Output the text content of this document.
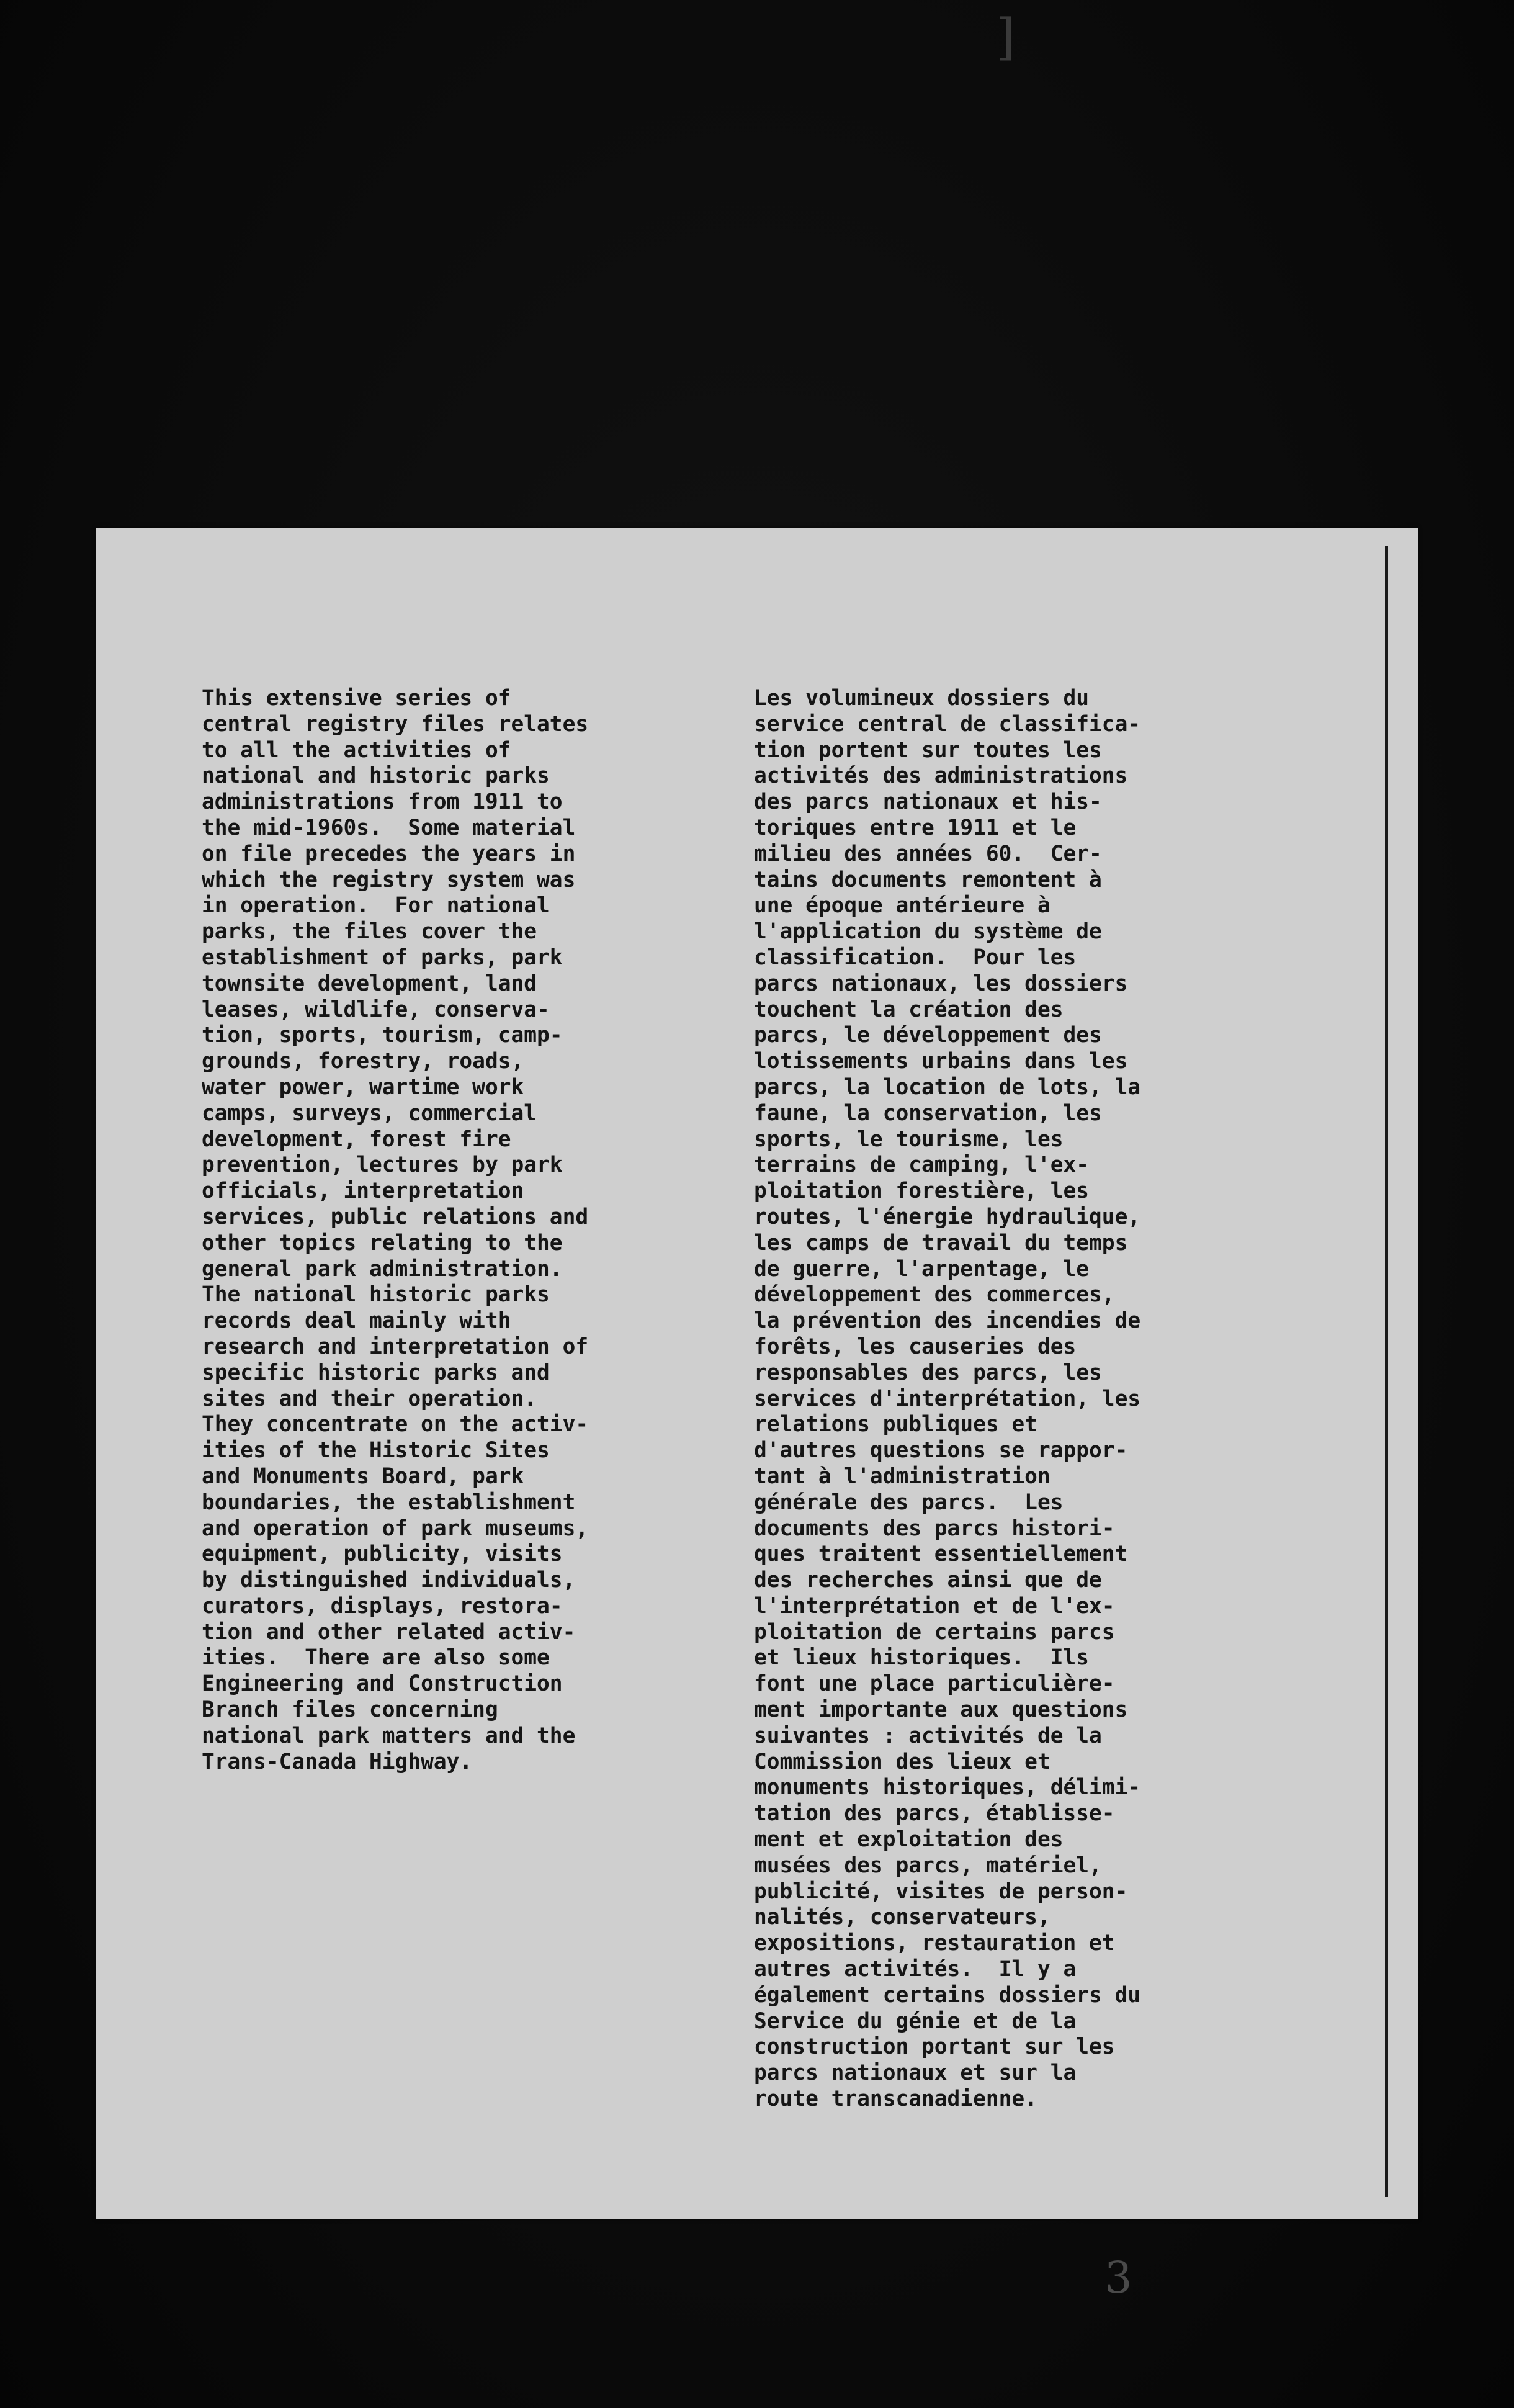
]
This extensive series of
central registry files relates
to all the activities of
national and historic parks
administrations from 1911 to
the mid-1960s.  Some material
on file precedes the years in
which the registry system was
in operation.  For national
parks, the files cover the
establishment of parks, park
townsite development, land
leases, wildlife, conserva-
tion, sports, tourism, camp-
grounds, forestry, roads,
water power, wartime work
camps, surveys, commercial
development, forest fire
prevention, lectures by park
officials, interpretation
services, public relations and
other topics relating to the
general park administration.
The national historic parks
records deal mainly with
research and interpretation of
specific historic parks and
sites and their operation.
They concentrate on the activ-
ities of the Historic Sites
and Monuments Board, park
boundaries, the establishment
and operation of park museums,
equipment, publicity, visits
by distinguished individuals,
curators, displays, restora-
tion and other related activ-
ities.  There are also some
Engineering and Construction
Branch files concerning
national park matters and the
Trans-Canada Highway.
Les volumineux dossiers du
service central de classifica-
tion portent sur toutes les
activités des administrations
des parcs nationaux et his-
toriques entre 1911 et le
milieu des années 60.  Cer-
tains documents remontent à
une époque antérieure à
l'application du système de
classification.  Pour les
parcs nationaux, les dossiers
touchent la création des
parcs, le développement des
lotissements urbains dans les
parcs, la location de lots, la
faune, la conservation, les
sports, le tourisme, les
terrains de camping, l'ex-
ploitation forestière, les
routes, l'énergie hydraulique,
les camps de travail du temps
de guerre, l'arpentage, le
développement des commerces,
la prévention des incendies de
forêts, les causeries des
responsables des parcs, les
services d'interprétation, les
relations publiques et
d'autres questions se rappor-
tant à l'administration
générale des parcs.  Les
documents des parcs histori-
ques traitent essentiellement
des recherches ainsi que de
l'interprétation et de l'ex-
ploitation de certains parcs
et lieux historiques.  Ils
font une place particulière-
ment importante aux questions
suivantes : activités de la
Commission des lieux et
monuments historiques, délimi-
tation des parcs, établisse-
ment et exploitation des
musées des parcs, matériel,
publicité, visites de person-
nalités, conservateurs,
expositions, restauration et
autres activités.  Il y a
également certains dossiers du
Service du génie et de la
construction portant sur les
parcs nationaux et sur la
route transcanadienne.
3
